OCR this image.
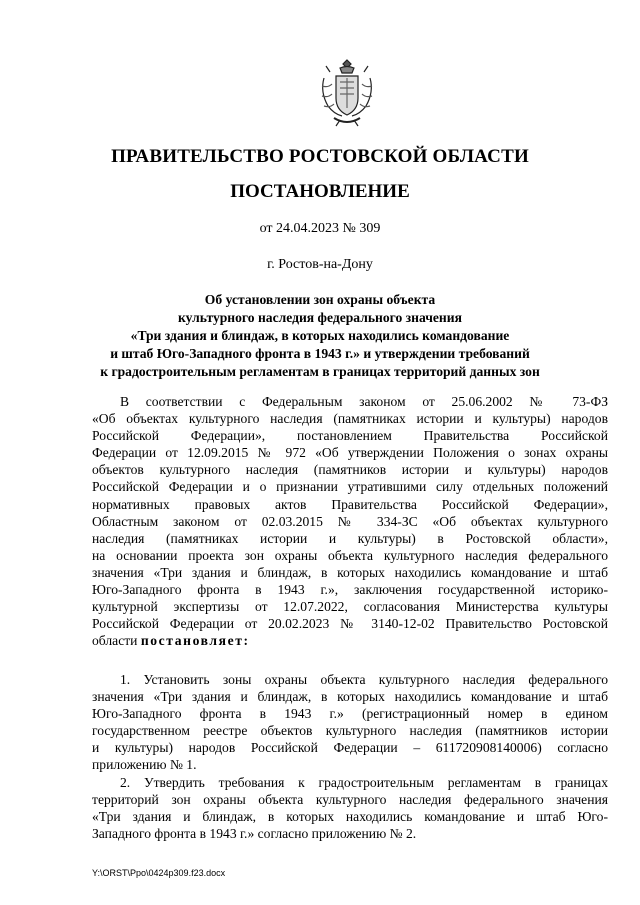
ПРАВИТЕЛЬСТВО РОСТОВСКОЙ ОБЛАСТИ
ПОСТАНОВЛЕНИЕ
от 24.04.2023 № 309
г. Ростов-на-Дону
Об установлении зон охраны объекта
культурного наследия федерального значения
«Три здания и блиндаж, в которых находились командование
и штаб Юго-Западного фронта в 1943 г.» и утверждении требований
к градостроительным регламентам в границах территорий данных зон
В соответствии с Федеральным законом от 25.06.2002 № 73-ФЗ
«Об объектах культурного наследия (памятниках истории и культуры) народов
Российской Федерации», постановлением Правительства Российской
Федерации от 12.09.2015 № 972 «Об утверждении Положения о зонах охраны
объектов культурного наследия (памятников истории и культуры) народов
Российской Федерации и о признании утратившими силу отдельных положений
нормативных правовых актов Правительства Российской Федерации»,
Областным законом от 02.03.2015 № 334-ЗС «Об объектах культурного
наследия (памятниках истории и культуры) в Ростовской области»,
на основании проекта зон охраны объекта культурного наследия федерального
значения «Три здания и блиндаж, в которых находились командование и штаб
Юго-Западного фронта в 1943 г.», заключения государственной историко-
культурной экспертизы от 12.07.2022, согласования Министерства культуры
Российской Федерации от 20.02.2023 № 3140-12-02 Правительство Ростовской
области постановляет:
1. Установить зоны охраны объекта культурного наследия федерального
значения «Три здания и блиндаж, в которых находились командование и штаб
Юго-Западного фронта в 1943 г.» (регистрационный номер в едином
государственном реестре объектов культурного наследия (памятников истории
и культуры) народов Российской Федерации – 611720908140006) согласно
приложению № 1.
2. Утвердить требования к градостроительным регламентам в границах
территорий зон охраны объекта культурного наследия федерального значения
«Три здания и блиндаж, в которых находились командование и штаб Юго-
Западного фронта в 1943 г.» согласно приложению № 2.
Y:\ORST\Ppo\0424p309.f23.docx
